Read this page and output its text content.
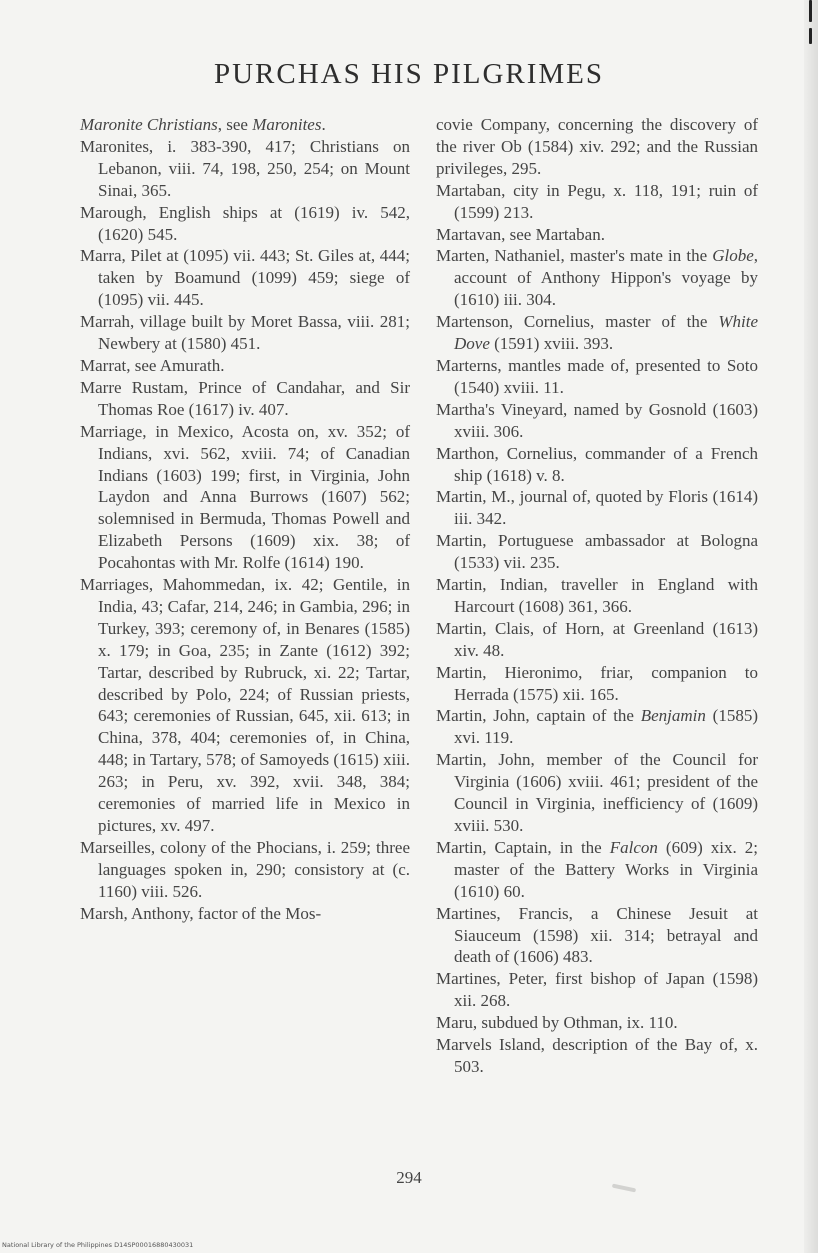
PURCHAS HIS PILGRIMES

Maronite Christians, see Maronites.

Maronites, i. 383-390, 417; Christians on Lebanon, viii. 74, 198, 250, 254; on Mount Sinai, 365.

Marough, English ships at (1619) iv. 542, (1620) 545.

Marra, Pilet at (1095) vii. 443; St. Giles at, 444; taken by Boamund (1099) 459; siege of (1095) vii. 445.

Marrah, village built by Moret Bassa, viii. 281; Newbery at (1580) 451.

Marrat, see Amurath.

Marre Rustam, Prince of Candahar, and Sir Thomas Roe (1617) iv. 407.

Marriage, in Mexico, Acosta on, xv. 352; of Indians, xvi. 562, xviii. 74; of Canadian Indians (1603) 199; first, in Virginia, John Laydon and Anna Burrows (1607) 562; solemnised in Bermuda, Thomas Powell and Elizabeth Persons (1609) xix. 38; of Pocahontas with Mr. Rolfe (1614) 190.

Marriages, Mahommedan, ix. 42; Gentile, in India, 43; Cafar, 214, 246; in Gambia, 296; in Turkey, 393; ceremony of, in Benares (1585) x. 179; in Goa, 235; in Zante (1612) 392; Tartar, described by Rubruck, xi. 22; Tartar, described by Polo, 224; of Russian priests, 643; ceremonies of Russian, 645, xii. 613; in China, 378, 404; ceremonies of, in China, 448; in Tartary, 578; of Samoyeds (1615) xiii. 263; in Peru, xv. 392, xvii. 348, 384; ceremonies of married life in Mexico in pictures, xv. 497.

Marseilles, colony of the Phocians, i. 259; three languages spoken in, 290; consistory at (c. 1160) viii. 526.

Marsh, Anthony, factor of the Mos-

covie Company, concerning the discovery of the river Ob (1584) xiv. 292; and the Russian privileges, 295.

Martaban, city in Pegu, x. 118, 191; ruin of (1599) 213.

Martavan, see Martaban.

Marten, Nathaniel, master's mate in the Globe, account of Anthony Hippon's voyage by (1610) iii. 304.

Martenson, Cornelius, master of the White Dove (1591) xviii. 393.

Marterns, mantles made of, presented to Soto (1540) xviii. 11.

Martha's Vineyard, named by Gosnold (1603) xviii. 306.

Marthon, Cornelius, commander of a French ship (1618) v. 8.

Martin, M., journal of, quoted by Floris (1614) iii. 342.

Martin, Portuguese ambassador at Bologna (1533) vii. 235.

Martin, Indian, traveller in England with Harcourt (1608) 361, 366.

Martin, Clais, of Horn, at Greenland (1613) xiv. 48.

Martin, Hieronimo, friar, companion to Herrada (1575) xii. 165.

Martin, John, captain of the Benjamin (1585) xvi. 119.

Martin, John, member of the Council for Virginia (1606) xviii. 461; president of the Council in Virginia, inefficiency of (1609) xviii. 530.

Martin, Captain, in the Falcon (609) xix. 2; master of the Battery Works in Virginia (1610) 60.

Martines, Francis, a Chinese Jesuit at Siauceum (1598) xii. 314; betrayal and death of (1606) 483.

Martines, Peter, first bishop of Japan (1598) xii. 268.

Maru, subdued by Othman, ix. 110.

Marvels Island, description of the Bay of, x. 503.

294
National Library of the Philippines D14SP00016880430031
